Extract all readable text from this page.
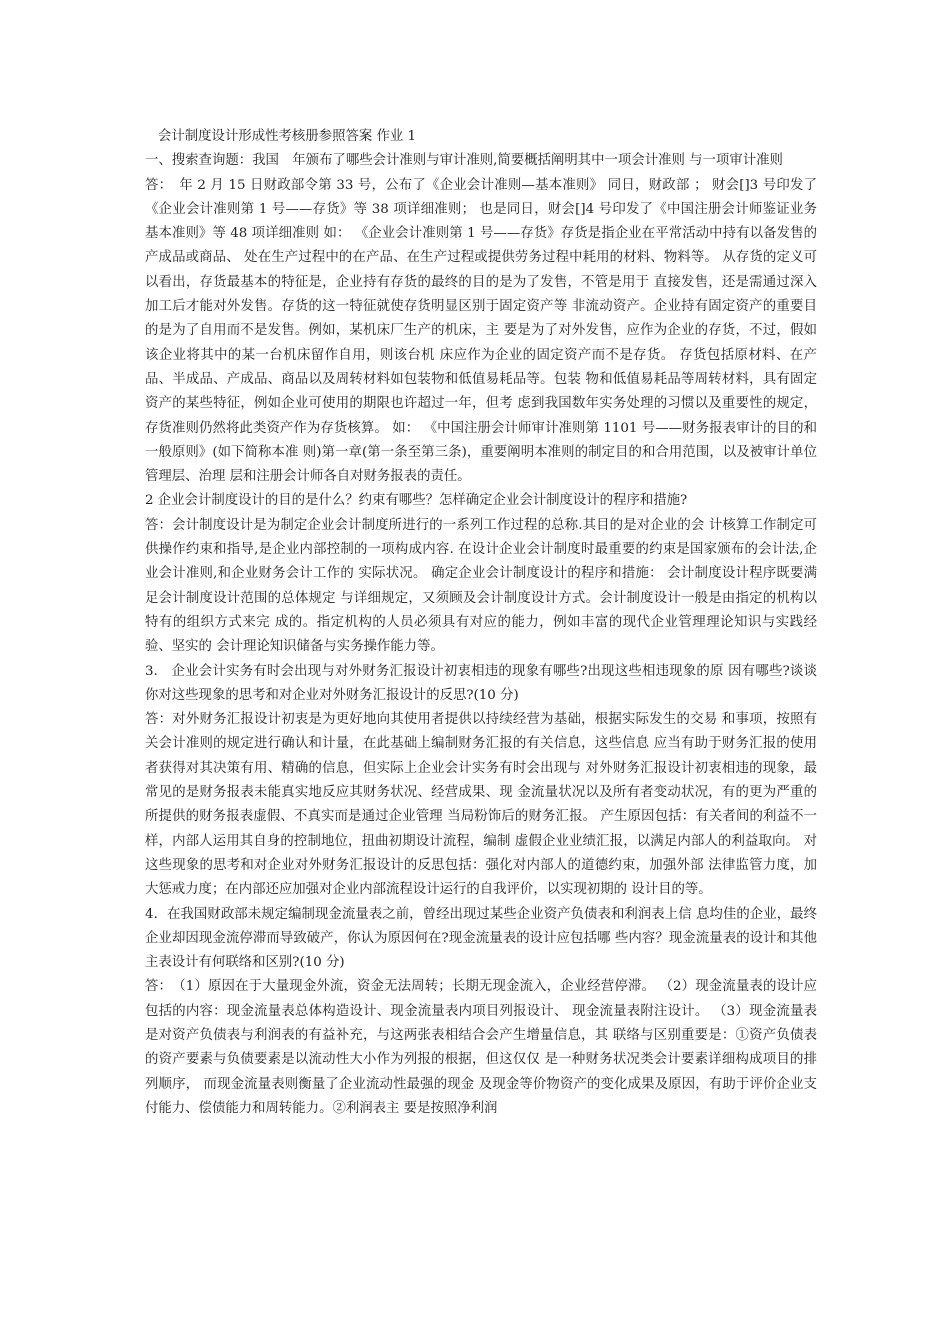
会计制度设计形成性考核册参照答案 作业 1

一、搜索查询题：我国　年颁布了哪些会计准则与审计准则,简要概括阐明其中一项会计准则 与一项审计准则

答：　年 2 月 15 日财政部令第 33 号，公布了《企业会计准则—基本准则》 同日，财政部 ； 财会[]3 号印发了《企业会计准则第 1 号——存货》等 38 项详细准则； 也是同日，财会[]4 号印发了《中国注册会计师鉴证业务基本准则》等 48 项详细准则 如： 《企业会计准则第 1 号——存货》存货是指企业在平常活动中持有以备发售的产成品或商品、 处在生产过程中的在产品、在生产过程或提供劳务过程中耗用的材料、物料等。 从存货的定义可以看出，存货最基本的特征是，企业持有存货的最终的目的是为了发售，不管是用于 直接发售，还是需通过深入加工后才能对外发售。存货的这一特征就使存货明显区别于固定资产等 非流动资产。企业持有固定资产的重要目的是为了自用而不是发售。例如，某机床厂生产的机床，主 要是为了对外发售，应作为企业的存货，不过，假如该企业将其中的某一台机床留作自用，则该台机 床应作为企业的固定资产而不是存货。 存货包括原材料、在产品、半成品、产成品、商品以及周转材料如包装物和低值易耗品等。包装 物和低值易耗品等周转材料，具有固定资产的某些特征，例如企业可使用的期限也许超过一年，但考 虑到我国数年实务处理的习惯以及重要性的规定，存货准则仍然将此类资产作为存货核算。 如： 《中国注册会计师审计准则第 1101 号——财务报表审计的目的和一般原则》(如下简称本准 则)第一章(第一条至第三条)，重要阐明本准则的制定目的和合用范围，以及被审计单位管理层、治理 层和注册会计师各自对财务报表的责任。

2 企业会计制度设计的目的是什么？约束有哪些？怎样确定企业会计制度设计的程序和措施?

答：会计制度设计是为制定企业会计制度所进行的一系列工作过程的总称.其目的是对企业的会 计核算工作制定可供操作约束和指导,是企业内部控制的一项构成内容. 在设计企业会计制度时最重要的约束是国家颁布的会计法,企业会计准则,和企业财务会计工作的 实际状况。 确定企业会计制度设计的程序和措施： 会计制度设计程序既要满足会计制度设计范围的总体规定 与详细规定，又须顾及会计制度设计方式。会计制度设计一般是由指定的机构以特有的组织方式来完 成的。指定机构的人员必须具有对应的能力，例如丰富的现代企业管理理论知识与实践经验、坚实的 会计理论知识储备与实务操作能力等。

3.　企业会计实务有时会出现与对外财务汇报设计初衷相违的现象有哪些?出现这些相违现象的原 因有哪些?谈谈你对这些现象的思考和对企业对外财务汇报设计的反思?(10 分)

答：对外财务汇报设计初衷是为更好地向其使用者提供以持续经营为基础，根据实际发生的交易 和事项，按照有关会计准则的规定进行确认和计量，在此基础上编制财务汇报的有关信息，这些信息 应当有助于财务汇报的使用者获得对其决策有用、精确的信息，但实际上企业会计实务有时会出现与 对外财务汇报设计初衷相违的现象，最常见的是财务报表未能真实地反应其财务状况、经营成果、现 金流量状况以及所有者变动状况，有的更为严重的所提供的财务报表虚假、不真实而是通过企业管理 当局粉饰后的财务汇报。 产生原因包括：有关者间的利益不一样，内部人运用其自身的控制地位，扭曲初期设计流程，编制 虚假企业业绩汇报，以满足内部人的利益取向。 对这些现象的思考和对企业对外财务汇报设计的反思包括：强化对内部人的道德约束，加强外部 法律监管力度，加大惩戒力度；在内部还应加强对企业内部流程设计运行的自我评价，以实现初期的 设计目的等。

4．在我国财政部未规定编制现金流量表之前，曾经出现过某些企业资产负债表和利润表上信 息均佳的企业，最终企业却因现金流停滞而导致破产，你认为原因何在?现金流量表的设计应包括哪 些内容？现金流量表的设计和其他主表设计有何联络和区别?(10 分)

答：　（1）原因在于大量现金外流，资金无法周转；长期无现金流入，企业经营停滞。 （2）现金流量表的设计应包括的内容：现金流量表总体构造设计、现金流量表内项目列报设计、 现金流量表附注设计。 （3）现金流量表是对资产负债表与利润表的有益补充，与这两张表相结合会产生增量信息，其 联络与区别重要是：①资产负债表的资产要素与负债要素是以流动性大小作为列报的根据，但这仅仅 是一种财务状况类会计要素详细构成项目的排列顺序， 而现金流量表则衡量了企业流动性最强的现金 及现金等价物资产的变化成果及原因，有助于评价企业支付能力、偿债能力和周转能力。②利润表主 要是按照净利润
